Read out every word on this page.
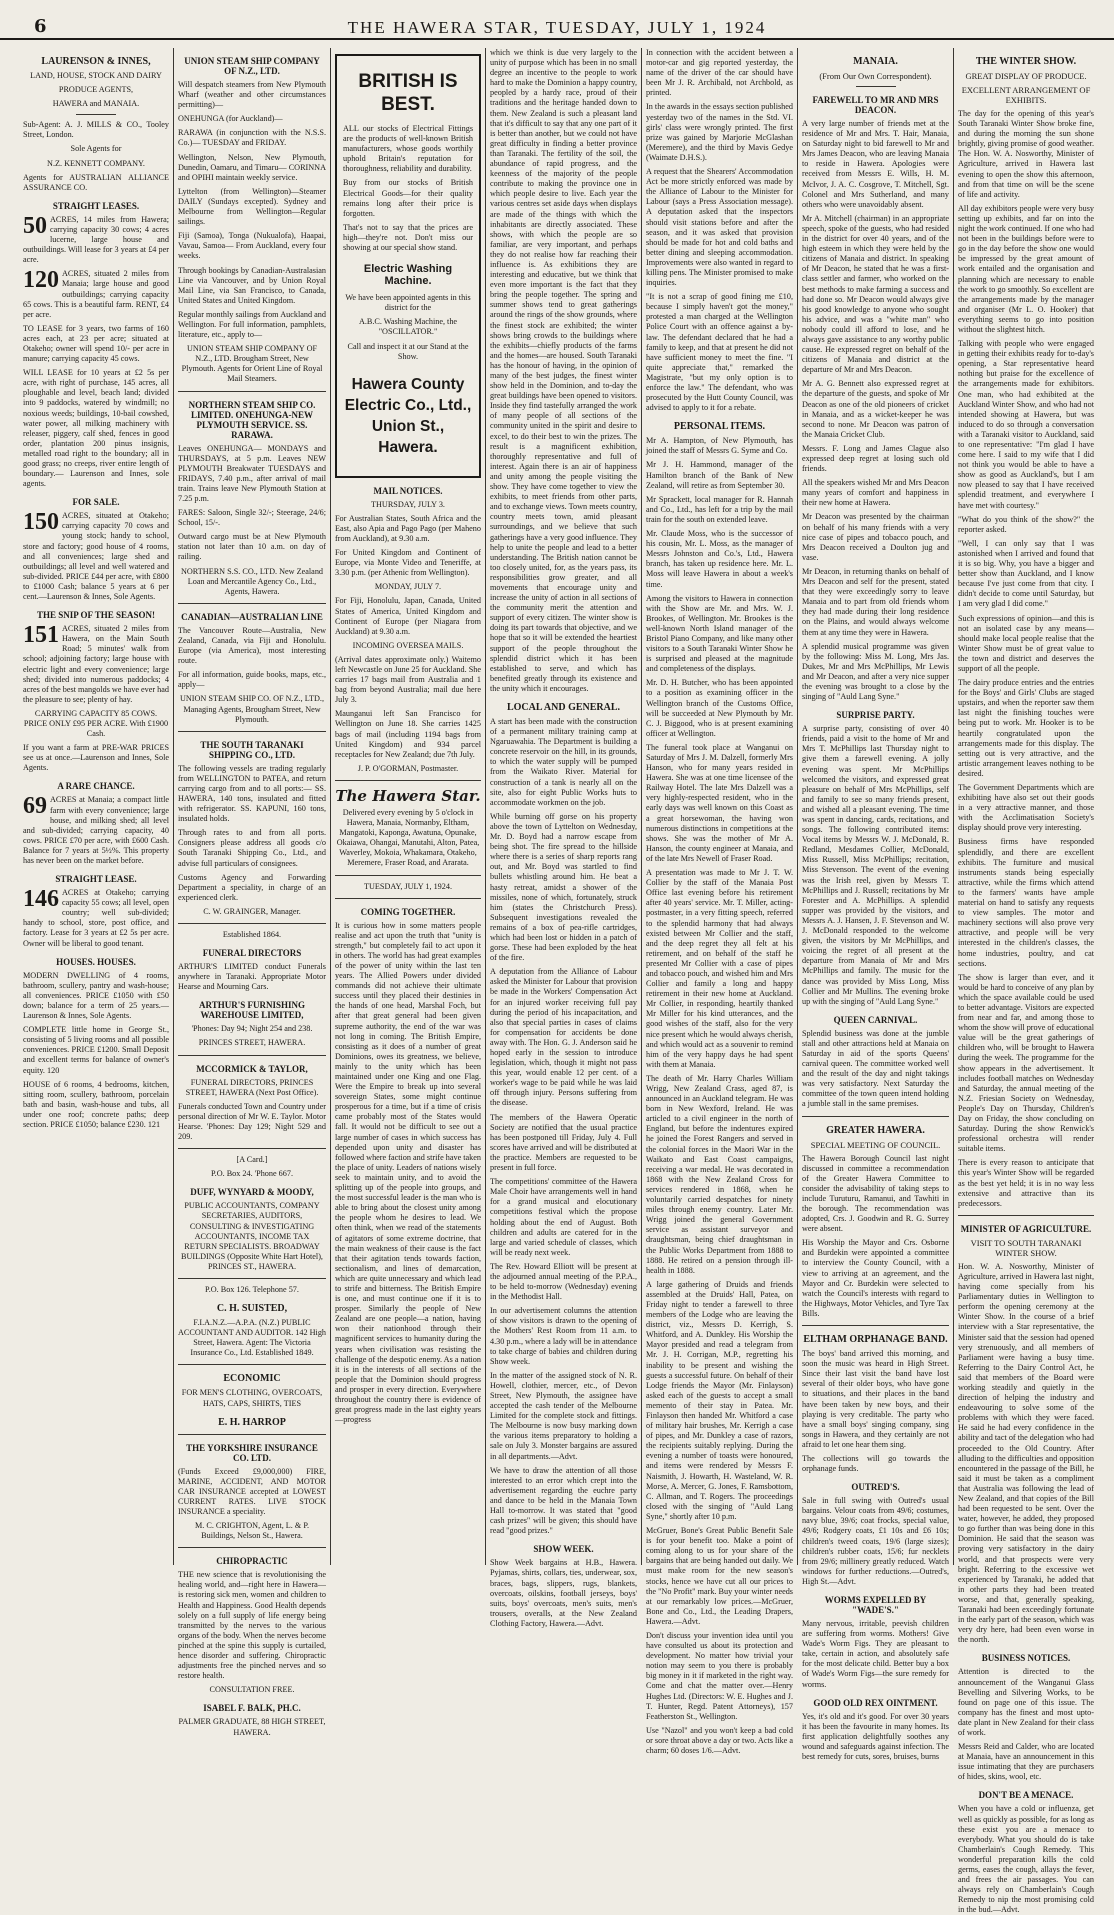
6	THE HAWERA STAR, TUESDAY, JULY 1, 1924
LAURENSON & INNES,

LAND, HOUSE, STOCK AND DAIRY

PRODUCE AGENTS,

HAWERA and MANAIA.

Sub-Agent: A. J. MILLS & CO., Tooley Street, London.

Sole Agents for

N.Z. KENNETT COMPANY.

Agents for AUSTRALIAN ALLIANCE ASSURANCE CO.

STRAIGHT LEASES.

50 ACRES, 14 miles from Hawera; carrying capacity 30 cows; 4 acres lucerne, large house and outbuildings. Will lease for 3 years at £4 per acre.

120 ACRES, situated 2 miles from Manaia; large house and good outbuildings; carrying capacity 65 cows. This is a beautiful farm. RENT, £4 per acre.

TO LEASE for 3 years, two farms of 160 acres each, at 23 per acre; situated at Otakeho; owner will spend 10/- per acre in manure; carrying capacity 45 cows.

WILL LEASE for 10 years at £2 5s per acre, with right of purchase, 145 acres, all ploughable and level, beach land; divided into 9 paddocks, watered by windmill; no noxious weeds; buildings, 10-bail cowshed, water power, all milking machinery with releaser, piggery, calf shed, fences in good order, plantation 200 pinus insignis, metalled road right to the boundary; all in good grass; no creeps, river entire length of boundary.— Laurenson and Innes, sole agents.

FOR SALE.

150 ACRES, situated at Otakeho; carrying capacity 70 cows and young stock; handy to school, store and factory; good house of 4 rooms, and all conveniences; large shed and outbuildings; all level and well watered and sub-divided. PRICE £44 per acre, with £800 to £1000 Cash; balance 5 years at 6 per cent.—Laurenson & Innes, Sole Agents.

THE SNIP OF THE SEASON!

151 ACRES, situated 2 miles from Hawera, on the Main South Road; 5 minutes' walk from school; adjoining factory; large house with electric light and every convenience; large shed; divided into numerous paddocks; 4 acres of the best mangolds we have ever had the pleasure to see; plenty of hay.

CARRYING CAPACITY 85 COWS. PRICE ONLY £95 PER ACRE. With £1900 Cash.

If you want a farm at PRE-WAR PRICES see us at once.—Laurenson and Innes, Sole Agents.

A RARE CHANCE.

69 ACRES at Manaia; a compact little farm with every convenience; large house, and milking shed; all level and sub-divided; carrying capacity, 40 cows. PRICE £70 per acre, with £600 Cash. Balance for 7 years at 5½%. This property has never been on the market before.

STRAIGHT LEASE.

146 ACRES at Otakeho; carrying capacity 55 cows; all level, open country; well sub-divided; handy to school, store, post office, and factory. Lease for 3 years at £2 5s per acre. Owner will be liberal to good tenant.

HOUSES. HOUSES.

MODERN DWELLING of 4 rooms, bathroom, scullery, pantry and wash-house; all conveniences. PRICE £1050 with £50 down; balance for a term of 25 years.—Laurenson & Innes, Sole Agents.

COMPLETE little home in George St., consisting of 5 living rooms and all possible conveniences. PRICE £1200. Small Deposit and excellent terms for balance of owner's equity. 120

HOUSE of 6 rooms, 4 bedrooms, kitchen, sitting room, scullery, bathroom, porcelain bath and basin, wash-house and tubs, all under one roof; concrete paths; deep section. PRICE £1050; balance £230. 121

UNION STEAM SHIP COMPANY OF N.Z., LTD.

Will despatch steamers from New Plymouth Wharf (weather and other circumstances permitting)—

ONEHUNGA (for Auckland)—

RARAWA (in conjunction with the N.S.S. Co.)— TUESDAY and FRIDAY.

Wellington, Nelson, New Plymouth, Dunedin, Oamaru, and Timaru— CORINNA and OPIHI maintain weekly service.

Lyttelton (from Wellington)—Steamer DAILY (Sundays excepted). Sydney and Melbourne from Wellington—Regular sailings.

Fiji (Samoa), Tonga (Nukualofa), Haapai, Vavau, Samoa— From Auckland, every four weeks.

Through bookings by Canadian-Australasian Line via Vancouver, and by Union Royal Mail Line, via San Francisco, to Canada, United States and United Kingdom.

Regular monthly sailings from Auckland and Wellington. For full information, pamphlets, literature, etc., apply to—

UNION STEAM SHIP COMPANY OF N.Z., LTD. Brougham Street, New Plymouth. Agents for Orient Line of Royal Mail Steamers.

NORTHERN STEAM SHIP CO. LIMITED. ONEHUNGA-NEW PLYMOUTH SERVICE. SS. RARAWA.

Leaves ONEHUNGA— MONDAYS and THURSDAYS, at 5 p.m. Leaves NEW PLYMOUTH Breakwater TUESDAYS and FRIDAYS, 7.40 p.m., after arrival of mail train. Trains leave New Plymouth Station at 7.25 p.m.

FARES: Saloon, Single 32/-; Steerage, 24/6; School, 15/-.

Outward cargo must be at New Plymouth station not later than 10 a.m. on day of railing.

NORTHERN S.S. CO., LTD. New Zealand Loan and Mercantile Agency Co., Ltd., Agents, Hawera.

CANADIAN—AUSTRALIAN LINE

The Vancouver Route—Australia, New Zealand, Canada, via Fiji and Honolulu. Europe (via America), most interesting route.

For all information, guide books, maps, etc., apply—

UNION STEAM SHIP CO. OF N.Z., LTD., Managing Agents, Brougham Street, New Plymouth.

THE SOUTH TARANAKI SHIPPING CO., LTD.

The following vessels are trading regularly from WELLINGTON to PATEA, and return carrying cargo from and to all ports:— SS. HAWERA, 140 tons, insulated and fitted with refrigerator. SS. KAPUNI, 160 tons, insulated holds.

Through rates to and from all ports. Consigners please address all goods c/o South Taranaki Shipping Co., Ltd., and advise full particulars of consignees.

Customs Agency and Forwarding Department a speciality, in charge of an experienced clerk.

C. W. GRAINGER, Manager.

Established 1864.

FUNERAL DIRECTORS

ARTHUR'S LIMITED conduct Funerals anywhere in Taranaki. Appropriate Motor Hearse and Mourning Cars.

ARTHUR'S FURNISHING WAREHOUSE LIMITED,

'Phones: Day 94; Night 254 and 238.

PRINCES STREET, HAWERA.

MCCORMICK & TAYLOR,

FUNERAL DIRECTORS, PRINCES STREET, HAWERA (Next Post Office).

Funerals conducted Town and Country under personal direction of Mr W. E. Taylor. Motor Hearse. 'Phones: Day 129; Night 529 and 209.

[A Card.]

P.O. Box 24. 'Phone 667.

DUFF, WYNYARD & MOODY,

PUBLIC ACCOUNTANTS, COMPANY SECRETARIES, AUDITORS, CONSULTING & INVESTIGATING ACCOUNTANTS, INCOME TAX RETURN SPECIALISTS. BROADWAY BUILDINGS (Opposite White Hart Hotel), PRINCES ST., HAWERA.

P.O. Box 126. Telephone 57.

C. H. SUISTED,

F.I.A.N.Z.—A.P.A. (N.Z.) PUBLIC ACCOUNTANT AND AUDITOR. 142 High Street, Hawera. Agent: The Victoria Insurance Co., Ltd. Established 1849.

ECONOMIC

FOR MEN'S CLOTHING, OVERCOATS, HATS, CAPS, SHIRTS, TIES

E. H. HARROP
THE YORKSHIRE INSURANCE CO. LTD.

(Funds Exceed £9,000,000) FIRE, MARINE, ACCIDENT, AND MOTOR CAR INSURANCE accepted at LOWEST CURRENT RATES. LIVE STOCK INSURANCE a speciality.

M. C. CRIGHTON, Agent, L. & P. Buildings, Nelson St., Hawera.

CHIROPRACTIC

THE new science that is revolutionising the healing world, and—right here in Hawera—is restoring sick men, women and children to Health and Happiness. Good Health depends solely on a full supply of life energy being transmitted by the nerves to the various organs of the body. When the nerves become pinched at the spine this supply is curtailed, hence disorder and suffering. Chiropractic adjustments free the pinched nerves and so restore health.

CONSULTATION FREE.

ISABEL F. BALK, PH.C.

PALMER GRADUATE, 88 HIGH STREET, HAWERA.

BRITISH IS
BEST.

ALL our stocks of Electrical Fittings are the products of well-known British manufacturers, whose goods worthily uphold Britain's reputation for thoroughness, reliability and durability.

Buy from our stocks of British Electrical Goods—for their quality remains long after their price is forgotten.

That's not to say that the prices are high—they're not. Don't miss our showing at our special show stand.

Electric Washing Machine.

We have been appointed agents in this district for the

A.B.C. Washing Machine, the "OSCILLATOR."

Call and inspect it at our Stand at the Show.

Hawera County
Electric Co., Ltd.,
Union St., Hawera.
MAIL NOTICES.

THURSDAY, JULY 3.

For Australian States, South Africa and the East, also Apia and Pago Pago (per Maheno from Auckland), at 9.30 a.m.

For United Kingdom and Continent of Europe, via Monte Video and Teneriffe, at 3.30 p.m. (per Athenic from Wellington).

MONDAY, JULY 7.

For Fiji, Honolulu, Japan, Canada, United States of America, United Kingdom and Continent of Europe (per Niagara from Auckland) at 9.30 a.m.

INCOMING OVERSEA MAILS.

(Arrival dates approximate only.) Waitemo left Newcastle on June 25 for Auckland. She carries 17 bags mail from Australia and 1 bag from beyond Australia; mail due here July 3.

Maunganui left San Francisco for Wellington on June 18. She carries 1425 bags of mail (including 1194 bags from United Kingdom) and 934 parcel receptacles for New Zealand; due 7th July.

J. P. O'GORMAN, Postmaster.

The Hawera Star.

Delivered every evening by 5 o'clock in Hawera, Manaia, Normanby, Eltham, Mangatoki, Kaponga, Awatuna, Opunake, Okaiawa, Ohangai, Manutahi, Alton, Patea, Waverley, Mokoia, Whakamara, Otakeho, Meremere, Fraser Road, and Ararata.

TUESDAY, JULY 1, 1924.

COMING TOGETHER.

It is curious how in some matters people realise and act upon the truth that "unity is strength," but completely fail to act upon it in others. The world has had great examples of the power of unity within the last ten years. The Allied Powers under divided commands did not achieve their ultimate success until they placed their destinies in the hands of one head, Marshal Foch, but after that great general had been given supreme authority, the end of the war was not long in coming. The British Empire, consisting as it does of a number of great Dominions, owes its greatness, we believe, mainly to the unity which has been maintained under one King and one Flag. Were the Empire to break up into several sovereign States, some might continue prosperous for a time, but if a time of crisis came probably most of the States would fall. It would not be difficult to see out a large number of cases in which success has depended upon unity and disaster has followed where faction and strife have taken the place of unity. Leaders of nations wisely seek to maintain unity, and to avoid the splitting up of the people into groups, and the most successful leader is the man who is able to bring about the closest unity among the people whom he desires to lead. We often think, when we read of the statements of agitators of some extreme doctrine, that the main weakness of their cause is the fact that their agitation tends towards faction, sectionalism, and lines of demarcation, which are quite unnecessary and which lead to strife and bitterness. The British Empire is one, and must continue one if it is to prosper. Similarly the people of New Zealand are one people—a nation, having won their nationhood through their magnificent services to humanity during the years when civilisation was resisting the challenge of the despotic enemy. As a nation it is in the interests of all sections of the people that the Dominion should progress and prosper in every direction. Everywhere throughout the country there is evidence of great progress made in the last eighty years—progress

which we think is due very largely to the unity of purpose which has been in no small degree an incentive to the people to work hard to make the Dominion a happy country, peopled by a hardy race, proud of their traditions and the heritage handed down to them. New Zealand is such a pleasant land that it's difficult to say that any one part of it is better than another, but we could not have great difficulty in finding a better province than Taranaki. The fertility of the soil, the abundance of rapid progress, and the keenness of the majority of the people contribute to making the province one in which people desire to live. Each year the various centres set aside days when displays are made of the things with which the inhabitants are directly associated. These shows, with which the people are so familiar, are very important, and perhaps they do not realise how far reaching their influence is. As exhibitions they are interesting and educative, but we think that even more important is the fact that they bring the people together. The spring and summer shows tend to great gatherings around the rings of the show grounds, where the finest stock are exhibited; the winter shows bring crowds to the buildings where the exhibits—chiefly products of the farms and the homes—are housed. South Taranaki has the honour of having, in the opinion of many of the best judges, the finest winter show held in the Dominion, and to-day the great buildings have been opened to visitors. Inside they find tastefully arranged the work of many people of all sections of the community united in the spirit and desire to excel, to do their best to win the prizes. The result is a magnificent exhibition, thoroughly representative and full of interest. Again there is an air of happiness and unity among the people visiting the show. They have come together to view the exhibits, to meet friends from other parts, and to exchange views. Town meets country, country meets town, amid pleasant surroundings, and we believe that such gatherings have a very good influence. They help to unite the people and lead to a better understanding. The British nation cannot be too closely united, for, as the years pass, its responsibilities grow greater, and all movements that encourage unity and increase the unity of action in all sections of the community merit the attention and support of every citizen. The winter show is doing its part towards that objective, and we hope that so it will be extended the heartiest support of the people throughout the splendid district which it has been established to serve, and which has benefited greatly through its existence and the unity which it encourages.

LOCAL AND GENERAL.

A start has been made with the construction of a permanent military training camp at Ngaruawahia. The Department is building a concrete reservoir on the hill, in its grounds, to which the water supply will be pumped from the Waikato River. Material for construction of a tank is nearly all on the site, also for eight Public Works huts to accommodate workmen on the job.

While burning off gorse on his property above the town of Lyttelton on Wednesday, Mr. D. Boyd had a narrow escape from being shot. The fire spread to the hillside where there is a series of sharp reports rang out, and Mr. Boyd was startled to find bullets whistling around him. He beat a hasty retreat, amidst a shower of the missiles, none of which, fortunately, struck him (states the Christchurch Press). Subsequent investigations revealed the remains of a box of pea-rifle cartridges, which had been lost or hidden in a patch of gorse. These had been exploded by the heat of the fire.

A deputation from the Alliance of Labour asked the Minister for Labour that provision be made in the Workers' Compensation Act for an injured worker receiving full pay during the period of his incapacitation, and also that special parties in cases of claims for compensation for accidents be done away with. The Hon. G. J. Anderson said he hoped early in the session to introduce legislation, which, though it might not pass this year, would enable 12 per cent. of a worker's wage to be paid while he was laid off through injury. Persons suffering from the disease.

The members of the Hawera Operatic Society are notified that the usual practice has been postponed till Friday, July 4. Full scores have arrived and will be distributed at the practice. Members are requested to be present in full force.

The competitions' committee of the Hawera Male Choir have arrangements well in hand for a grand musical and elocutionary competitions festival which the propose holding about the end of August. Both children and adults are catered for in the large and varied schedule of classes, which will be ready next week.

The Rev. Howard Elliott will be present at the adjourned annual meeting of the P.P.A., to be held to-morrow (Wednesday) evening in the Methodist Hall.

In our advertisement columns the attention of show visitors is drawn to the opening of the Mothers' Rest Room from 11 a.m. to 4.30 p.m., where a lady will be in attendance to take charge of babies and children during Show week.

In the matter of the assigned stock of N. R. Howell, clothier, mercer, etc., of Devon Street, New Plymouth, the assignee have accepted the cash tender of the Melbourne Limited for the complete stock and fittings. The Melbourne is now busy marking down the various items preparatory to holding a sale on July 3. Monster bargains are assured in all departments.—Advt.

We have to draw the attention of all those interested to an error which crept into the advertisement regarding the euchre party and dance to be held in the Manaia Town Hall to-morrow. It was stated that "good cash prizes" will be given; this should have read "good prizes."

SHOW WEEK.

Show Week bargains at H.B., Hawera. Pyjamas, shirts, collars, ties, underwear, sox, braces, bags, slippers, rugs, blankets, overcoats, oilskins, football jerseys, boys' suits, boys' overcoats, men's suits, men's trousers, overalls, at the New Zealand Clothing Factory, Hawera.—Advt.

In connection with the accident between a motor-car and gig reported yesterday, the name of the driver of the car should have been Mr J. R. Archibald, not Archbold, as printed.

In the awards in the essays section published yesterday two of the names in the Std. VI. girls' class were wrongly printed. The first prize was gained by Marjorie McGlashan (Meremere), and the third by Mavis Gedye (Waimate D.H.S.).

A request that the Shearers' Accommodation Act be more strictly enforced was made by the Alliance of Labour to the Minister for Labour (says a Press Association message). A deputation asked that the inspectors should visit stations before and after the season, and it was asked that provision should be made for hot and cold baths and better dining and sleeping accommodation. Improvements were also wanted in regard to killing pens. The Minister promised to make inquiries.

"It is not a scrap of good fining me £10, because I simply haven't got the money," protested a man charged at the Wellington Police Court with an offence against a by-law. The defendant declared that he had a family to keep, and that at present he did not have sufficient money to meet the fine. "I quite appreciate that," remarked the Magistrate, "but my only option is to enforce the law." The defendant, who was prosecuted by the Hutt County Council, was advised to apply to it for a rebate.

PERSONAL ITEMS.

Mr A. Hampton, of New Plymouth, has joined the staff of Messrs G. Syme and Co.

Mr J. H. Hammond, manager of the Hamilton branch of the Bank of New Zealand, will retire as from September 30.

Mr Sprackett, local manager for R. Hannah and Co., Ltd., has left for a trip by the mail train for the south on extended leave.

Mr. Claude Moss, who is the successor of his cousin, Mr. L. Moss, as the manager of Messrs Johnston and Co.'s, Ltd., Hawera branch, has taken up residence here. Mr. L. Moss will leave Hawera in about a week's time.

Among the visitors to Hawera in connection with the Show are Mr. and Mrs. W. J. Brookes, of Wellington. Mr. Brookes is the well-known North Island manager of the Bristol Piano Company, and like many other visitors to a South Taranaki Winter Show he is surprised and pleased at the magnitude and completeness of the displays.

Mr. D. H. Butcher, who has been appointed to a position as examining officer in the Wellington branch of the Customs Office, will be succeeded at New Plymouth by Mr. C. J. Biggood, who is at present examining officer at Wellington.

The funeral took place at Wanganui on Saturday of Mrs J. M. Dalzell, formerly Mrs Hanson, who for many years resided in Hawera. She was at one time licensee of the Railway Hotel. The late Mrs Dalzell was a very highly-respected resident, who in the early days was well known on this Coast as a great horsewoman, the having won numerous distinctions in competitions at the shows. She was the mother of Mr A. Hanson, the county engineer at Manaia, and of the late Mrs Newell of Fraser Road.

A presentation was made to Mr J. T. W. Collier by the staff of the Manaia Post Office last evening before his retirement after 40 years' service. Mr. T. Miller, acting-postmaster, in a very fitting speech, referred to the splendid harmony that had always existed between Mr Collier and the staff, and the deep regret they all felt at his retirement, and on behalf of the staff he presented Mr Collier with a case of pipes and tobacco pouch, and wished him and Mrs Collier and family a long and happy retirement in their new home at Auckland. Mr Collier, in responding, heartily thanked Mr Miller for his kind utterances, and the good wishes of the staff, also for the very nice present which he would always cherish, and which would act as a souvenir to remind him of the very happy days he had spent with them at Manaia.

The death of Mr. Harry Charles William Wrigg, New Zealand Crass, aged 87, is announced in an Auckland telegram. He was born in New Wexford, Ireland. He was articled to a civil engineer in the north of England, but before the indentures expired he joined the Forest Rangers and served in the colonial forces in the Maori War in the Waikato and East Coast campaigns, receiving a war medal. He was decorated in 1868 with the New Zealand Cross for services rendered in 1868, when he voluntarily carried despatches for ninety miles through enemy country. Later Mr. Wrigg joined the general Government service as assistant surveyor and draughtsman, being chief draughtsman in the Public Works Department from 1888 to 1888. He retired on a pension through ill-health in 1888.

A large gathering of Druids and friends assembled at the Druids' Hall, Patea, on Friday night to tender a farewell to three members of the Lodge who are leaving the district, viz., Messrs D. Kerrigh, S. Whitford, and A. Dunkley. His Worship the Mayor presided and read a telegram from Mr. J. H. Corrigan, M.P., regretting his inability to be present and wishing the guests a successful future. On behalf of their Lodge friends the Mayor (Mr. Finlayson) asked each of the guests to accept a small memento of their stay in Patea. Mr. Finlayson then handed Mr. Whitford a case of military hair brushes, Mr. Kerrigh a case of pipes, and Mr. Dunkley a case of razors, the recipients suitably replying. During the evening a number of toasts were honoured, and items were rendered by Messrs F. Naismith, J. Howarth, H. Wasteland, W. R. Morse, A. Mercer, G. Jones, F. Ramsbottom, C. Allman, and T. Rogers. The proceedings closed with the singing of "Auld Lang Syne," shortly after 10 p.m.

McGruer, Bone's Great Public Benefit Sale is for your benefit too. Make a point of coming along to us for your share of the bargains that are being handed out daily. We must make room for the new season's stocks, hence we have cut all our prices to the "No Profit" mark. Buy your winter needs at our remarkably low prices.—McGruer, Bone and Co., Ltd., the Leading Drapers, Hawera.—Advt.

Don't discuss your invention idea until you have consulted us about its protection and development. No matter how trivial your notion may seem to you there is probably big money in it if marketed in the right way. Come and chat the matter over.—Henry Hughes Ltd. (Directors: W. E. Hughes and J. T. Hunter, Regd. Patent Attorneys), 157 Featherston St., Wellington.

Use "Nazol" and you won't keep a bad cold or sore throat above a day or two. Acts like a charm; 60 doses 1/6.—Advt.

MANAIA.
(From Our Own Correspondent).
FAREWELL TO MR AND MRS DEACON.

A very large number of friends met at the residence of Mr and Mrs. T. Hair, Manaia, on Saturday night to bid farewell to Mr and Mrs James Deacon, who are leaving Manaia to reside in Hawera. Apologies were received from Messrs E. Wills, H. M. McIvor, J. A. C. Cosgrove, T. Mitchell, Sgt. Colonel and Mrs Sutherland, and many others who were unavoidably absent.

Mr A. Mitchell (chairman) in an appropriate speech, spoke of the guests, who had resided in the district for over 40 years, and of the high esteem in which they were held by the citizens of Manaia and district. In speaking of Mr Deacon, he stated that he was a first-class settler and farmer, who worked on the best methods to make farming a success and had done so. Mr Deacon would always give his good knowledge to anyone who sought his advice, and was a "white man" who nobody could ill afford to lose, and he always gave assistance to any worthy public cause. He expressed regret on behalf of the citizens of Manaia and district at the departure of Mr and Mrs Deacon.

Mr A. G. Bennett also expressed regret at the departure of the guests, and spoke of Mr Deacon as one of the old pioneers of cricket in Manaia, and as a wicket-keeper he was second to none. Mr Deacon was patron of the Manaia Cricket Club.

Messrs. F. Long and James Clague also expressed deep regret at losing such old friends.

All the speakers wished Mr and Mrs Deacon many years of comfort and happiness in their new home at Hawera.

Mr Deacon was presented by the chairman on behalf of his many friends with a very nice case of pipes and tobacco pouch, and Mrs Deacon received a Doulton jug and vase.

Mr Deacon, in returning thanks on behalf of Mrs Deacon and self for the present, stated that they were exceedingly sorry to leave Manaia and to part from old friends whom they had made during their long residence on the Plains, and would always welcome them at any time they were in Hawera.

A splendid musical programme was given by the following: Miss M. Long, Mrs Jas. Dukes, Mr and Mrs McPhillips, Mr Lewis and Mr Deacon, and after a very nice supper the evening was brought to a close by the singing of "Auld Lang Syne."

SURPRISE PARTY.

A surprise party, consisting of over 40 friends, paid a visit to the home of Mr and Mrs T. McPhillips last Thursday night to give them a farewell evening. A jolly evening was spent. Mr McPhillips welcomed the visitors, and expressed great pleasure on behalf of Mrs McPhillips, self and family to see so many friends present, and wished all a pleasant evening. The time was spent in dancing, cards, recitations, and songs. The following contributed items: Vocal items by Messrs W. J. McDonald, R. Redland, Mesdames Collier, McDonald, Miss Russell, Miss McPhillips; recitation, Miss Stevenson. The event of the evening was the Irish reel, given by Messrs T. McPhillips and J. Russell; recitations by Mr Forester and A. McPhillips. A splendid supper was provided by the visitors, and Messrs A. J. Hansen, J. F. Stevenson and W. J. McDonald responded to the welcome given, the visitors by Mr McPhillips, and voicing the regret of all present at the departure from Manaia of Mr and Mrs McPhillips and family. The music for the dance was provided by Miss Long, Miss Collier and Mr Mullins. The evening broke up with the singing of "Auld Lang Syne."

QUEEN CARNIVAL.

Splendid business was done at the jumble stall and other attractions held at Manaia on Saturday in aid of the sports Queens' carnival queen. The committee worked well and the result of the day and night takings was very satisfactory. Next Saturday the committee of the town queen intend holding a jumble stall in the same premises.

GREATER HAWERA.
SPECIAL MEETING OF COUNCIL.

The Hawera Borough Council last night discussed in committee a recommendation of the Greater Hawera Committee to consider the advisability of taking steps to include Turuturu, Ramanui, and Tawhiti in the borough. The recommendation was adopted, Crs. J. Goodwin and R. G. Surrey were absent.

His Worship the Mayor and Crs. Osborne and Burdekin were appointed a committee to interview the County Council, with a view to arriving at an agreement, and the Mayor and Cr. Burdekin were selected to watch the Council's interests with regard to the Highways, Motor Vehicles, and Tyre Tax Bills.

ELTHAM ORPHANAGE BAND.

The boys' band arrived this morning, and soon the music was heard in High Street. Since their last visit the band have lost several of their older boys, who have gone to situations, and their places in the band have been taken by new boys, and their playing is very creditable. The party who have a small boys' singing company, sing songs in Hawera, and they certainly are not afraid to let one hear them sing.

The collections will go towards the orphanage funds.

OUTRED'S.

Sale in full swing with Outred's usual bargains. Velour coats from 49/6; costumes, navy blue, 39/6; coat frocks, special value, 49/6; Rodgery coats, £1 10s and £6 10s; children's tweed coats, 19/6 (large sizes); children's rubber coats, 15/6; fur necklets from 29/6; millinery greatly reduced. Watch windows for further reductions.—Outred's, High St.—Advt.

WORMS EXPELLED BY "WADE'S."

Many nervous, irritable, peevish children are suffering from worms. Mothers! Give Wade's Worm Figs. They are pleasant to take, certain in action, and absolutely safe for the most delicate child. Better buy a box of Wade's Worm Figs—the sure remedy for worms.

GOOD OLD REX OINTMENT.

Yes, it's old and it's good. For over 30 years it has been the favourite in many homes. Its first application delightfully soothes any wound and safeguards against infection. The best remedy for cuts, sores, bruises, burns

THE WINTER SHOW.
GREAT DISPLAY OF PRODUCE.
EXCELLENT ARRANGEMENT OF EXHIBITS.

The day for the opening of this year's South Taranaki Winter Show broke fine, and during the morning the sun shone brightly, giving promise of good weather. The Hon. W. A. Nosworthy, Minister of Agriculture, arrived in Hawera last evening to open the show this afternoon, and from that time on will be the scene of life and activity.

All day exhibitors people were very busy setting up exhibits, and far on into the night the work continued. If one who had not been in the buildings before were to go in the day before the show one would be impressed by the great amount of work entailed and the organisation and planning which are necessary to enable the work to go smoothly. So excellent are the arrangements made by the manager and organiser (Mr L. O. Hooker) that everything seems to go into position without the slightest hitch.

Talking with people who were engaged in getting their exhibits ready for to-day's opening, a Star representative heard nothing but praise for the excellence of the arrangements made for exhibitors. One man, who had exhibited at the Auckland Winter Show, and who had not intended showing at Hawera, but was induced to do so through a conversation with a Taranaki visitor to Auckland, said to one representative: "I'm glad I have come here. I said to my wife that I did not think you would be able to have a show as good as Auckland's, but I am now pleased to say that I have received splendid treatment, and everywhere I have met with courtesy."

"What do you think of the show?" the reporter asked.

"Well, I can only say that I was astonished when I arrived and found that it is so big. Why, you have a bigger and better show than Auckland, and I know because I've just come from that city. I didn't decide to come until Saturday, but I am very glad I did come."

Such expressions of opinion—and this is not an isolated case by any means—should make local people realise that the Winter Show must be of great value to the town and district and deserves the support of all the people.

The dairy produce entries and the entries for the Boys' and Girls' Clubs are staged upstairs, and when the reporter saw them last night the finishing touches were being put to work. Mr. Hooker is to be heartily congratulated upon the arrangements made for this display. The setting out is very attractive, and the artistic arrangement leaves nothing to be desired.

The Government Departments which are exhibiting have also set out their goods in a very attractive manner, and those with the Acclimatisation Society's display should prove very interesting.

Business firms have responded splendidly, and there are excellent exhibits. The furniture and musical instruments stands being especially attractive, while the firms which attend to the farmers' wants have ample material on hand to satisfy any requests to view samples. The motor and machinery sections will also prove very attractive, and people will be very interested in the children's classes, the home industries, poultry, and cat sections.

The show is larger than ever, and it would be hard to conceive of any plan by which the space available could be used to better advantage. Visitors are expected from near and far, and among those to whom the show will prove of educational value will be the great gatherings of children who, will be brought to Hawera during the week. The programme for the show appears in the advertisement. It includes football matches on Wednesday and Saturday, the annual meeting of the N.Z. Friesian Society on Wednesday, People's Day on Thursday, Children's Day on Friday, the show concluding on Saturday. During the show Renwick's professional orchestra will render suitable items.

There is every reason to anticipate that this year's Winter Show will be regarded as the best yet held; it is in no way less extensive and attractive than its predecessors.

MINISTER OF AGRICULTURE.
VISIT TO SOUTH TARANAKI WINTER SHOW.

Hon. W. A. Nosworthy, Minister of Agriculture, arrived in Hawera last night, having come specially from his Parliamentary duties in Wellington to perform the opening ceremony at the Winter Show. In the course of a brief interview with a Star representative, the Minister said that the session had opened very strenuously, and all members of Parliament were having a busy time. Referring to the Dairy Control Act, he said that members of the Board were working steadily and quietly in the direction of helping the industry and endeavouring to solve some of the problems with which they were faced. He said he had every confidence in the ability and tact of the delegation who had proceeded to the Old Country. After alluding to the difficulties and opposition encountered in the passage of the Bill, he said it must be taken as a compliment that Australia was following the lead of New Zealand, and that copies of the Bill had been requested to be sent. Over the water, however, he added, they proposed to go further than was being done in this Dominion. He said that the season was proving very satisfactory in the dairy world, and that prospects were very bright. Referring to the excessive wet experienced by Taranaki, he added that in other parts they had been treated worse, and that, generally speaking, Taranaki had been exceedingly fortunate in the early part of the season, which was very dry here, had been even worse in the north.

BUSINESS NOTICES.

Attention is directed to the announcement of the Wanganui Glass Bevelling and Silvering Works, to be found on page one of this issue. The company has the finest and most upto-date plant in New Zealand for their class of work.

Messrs Reid and Calder, who are located at Manaia, have an announcement in this issue intimating that they are purchasers of hides, skins, wool, etc.

DON'T BE A MENACE.

When you have a cold or influenza, get well as quickly as possible, for as long as these exist you are a menace to everybody. What you should do is take Chamberlain's Cough Remedy. This wonderful preparation kills the cold germs, eases the cough, allays the fever, and frees the air passages. You can always rely on Chamberlain's Cough Remedy to nip the most promising cold in the bud.—Advt.
